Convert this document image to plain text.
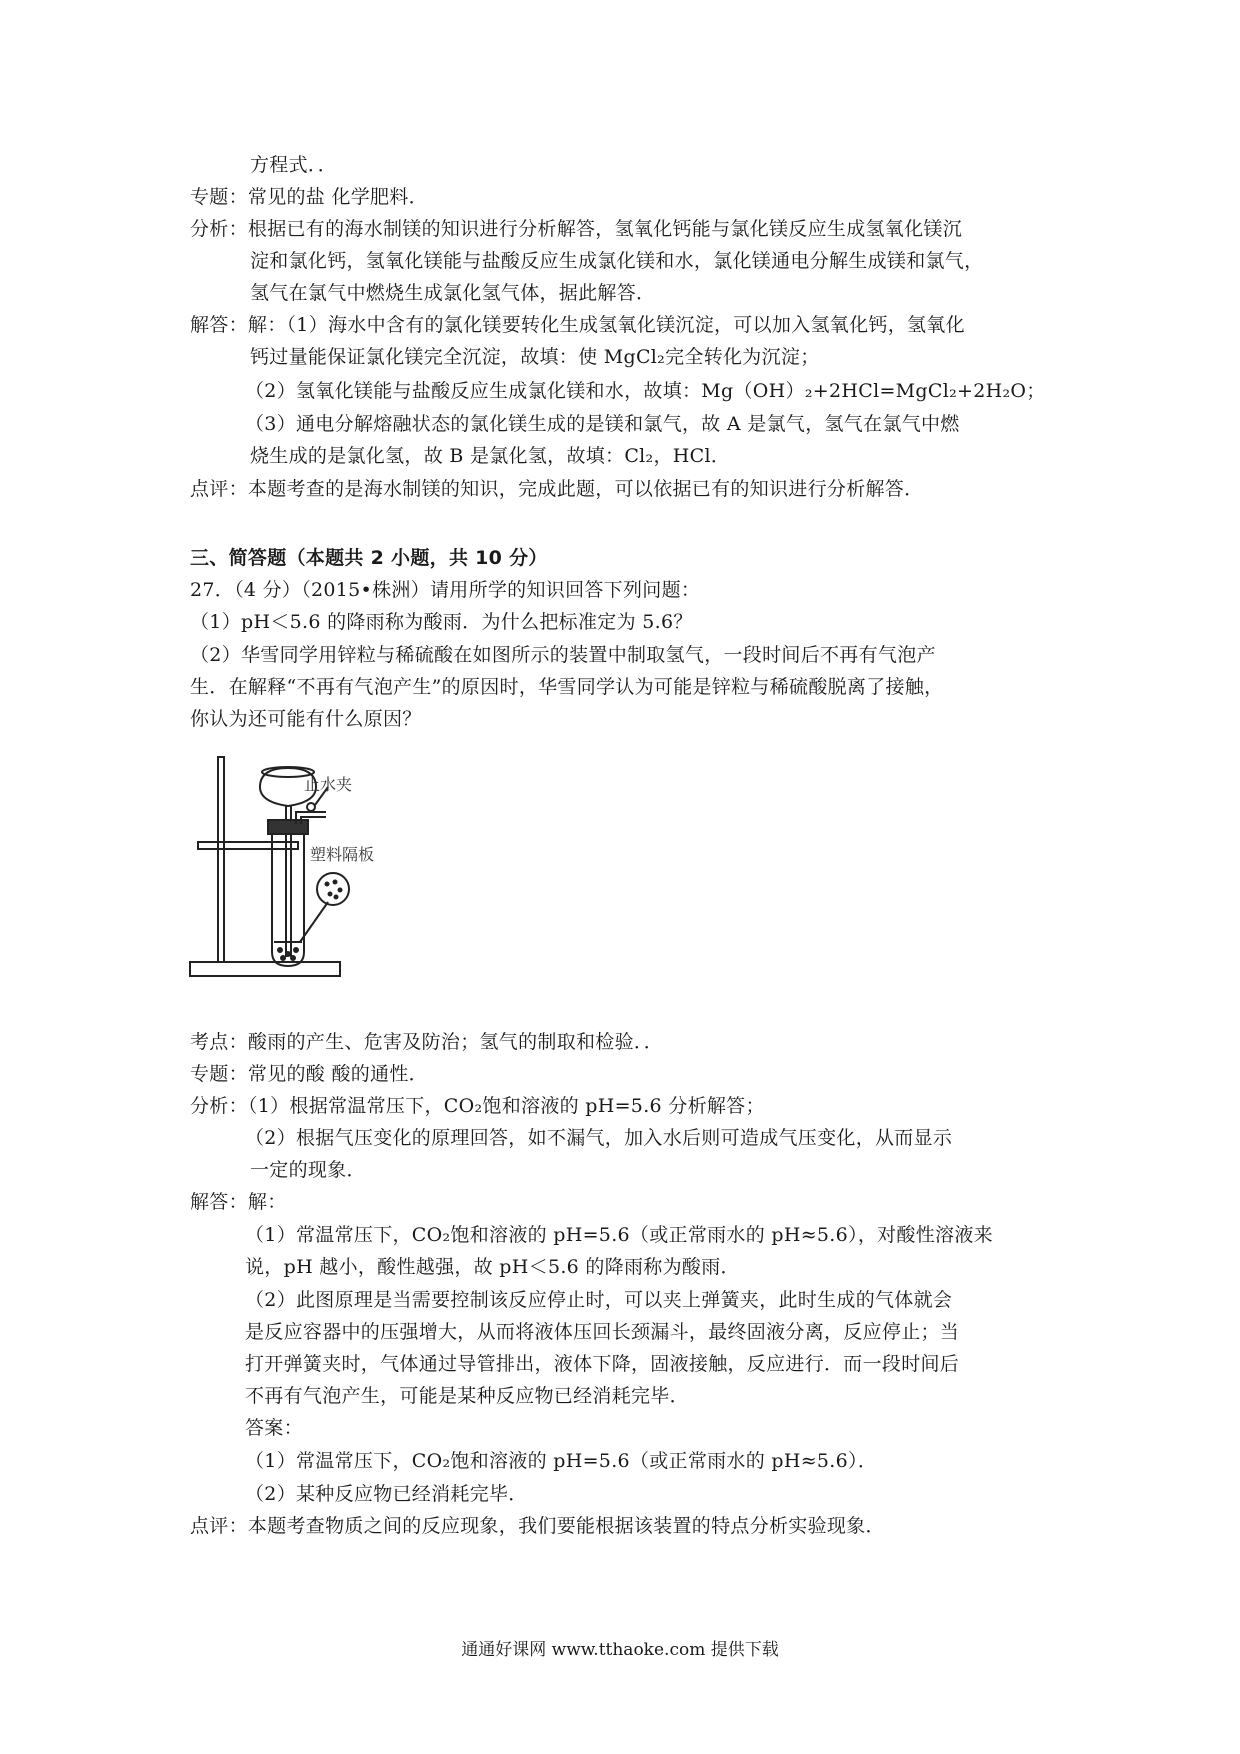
方程式．．
专题：常见的盐 化学肥料．
分析：根据已有的海水制镁的知识进行分析解答，氢氧化钙能与氯化镁反应生成氢氧化镁沉
淀和氯化钙，氢氧化镁能与盐酸反应生成氯化镁和水，氯化镁通电分解生成镁和氯气，
氢气在氯气中燃烧生成氯化氢气体，据此解答．
解答：解：（1）海水中含有的氯化镁要转化生成氢氧化镁沉淀，可以加入氢氧化钙，氢氧化
钙过量能保证氯化镁完全沉淀，故填：使 MgCl₂完全转化为沉淀；
（2）氢氧化镁能与盐酸反应生成氯化镁和水，故填：Mg（OH）₂+2HCl=MgCl₂+2H₂O；
（3）通电分解熔融状态的氯化镁生成的是镁和氯气，故 A 是氯气，氢气在氯气中燃
烧生成的是氯化氢，故 B 是氯化氢，故填：Cl₂，HCl．
点评：本题考查的是海水制镁的知识，完成此题，可以依据已有的知识进行分析解答．
三、简答题（本题共 2 小题，共 10 分）
27．（4 分）（2015•株洲）请用所学的知识回答下列问题：
（1）pH＜5.6 的降雨称为酸雨．为什么把标准定为 5.6？
（2）华雪同学用锌粒与稀硫酸在如图所示的装置中制取氢气，一段时间后不再有气泡产
生．在解释“不再有气泡产生”的原因时，华雪同学认为可能是锌粒与稀硫酸脱离了接触，
你认为还可能有什么原因？
止水夹
塑料隔板
考点：酸雨的产生、危害及防治；氢气的制取和检验．．
专题：常见的酸 酸的通性．
分析：（1）根据常温常压下，CO₂饱和溶液的 pH=5.6 分析解答；
（2）根据气压变化的原理回答，如不漏气，加入水后则可造成气压变化，从而显示
一定的现象．
解答：解：
（1）常温常压下，CO₂饱和溶液的 pH=5.6（或正常雨水的 pH≈5.6），对酸性溶液来
说，pH 越小，酸性越强，故 pH＜5.6 的降雨称为酸雨．
（2）此图原理是当需要控制该反应停止时，可以夹上弹簧夹，此时生成的气体就会
是反应容器中的压强增大，从而将液体压回长颈漏斗，最终固液分离，反应停止；当
打开弹簧夹时，气体通过导管排出，液体下降，固液接触，反应进行．而一段时间后
不再有气泡产生，可能是某种反应物已经消耗完毕．
答案：
（1）常温常压下，CO₂饱和溶液的 pH=5.6（或正常雨水的 pH≈5.6）．
（2）某种反应物已经消耗完毕．
点评：本题考查物质之间的反应现象，我们要能根据该装置的特点分析实验现象．
通通好课网 www.tthaoke.com 提供下载
